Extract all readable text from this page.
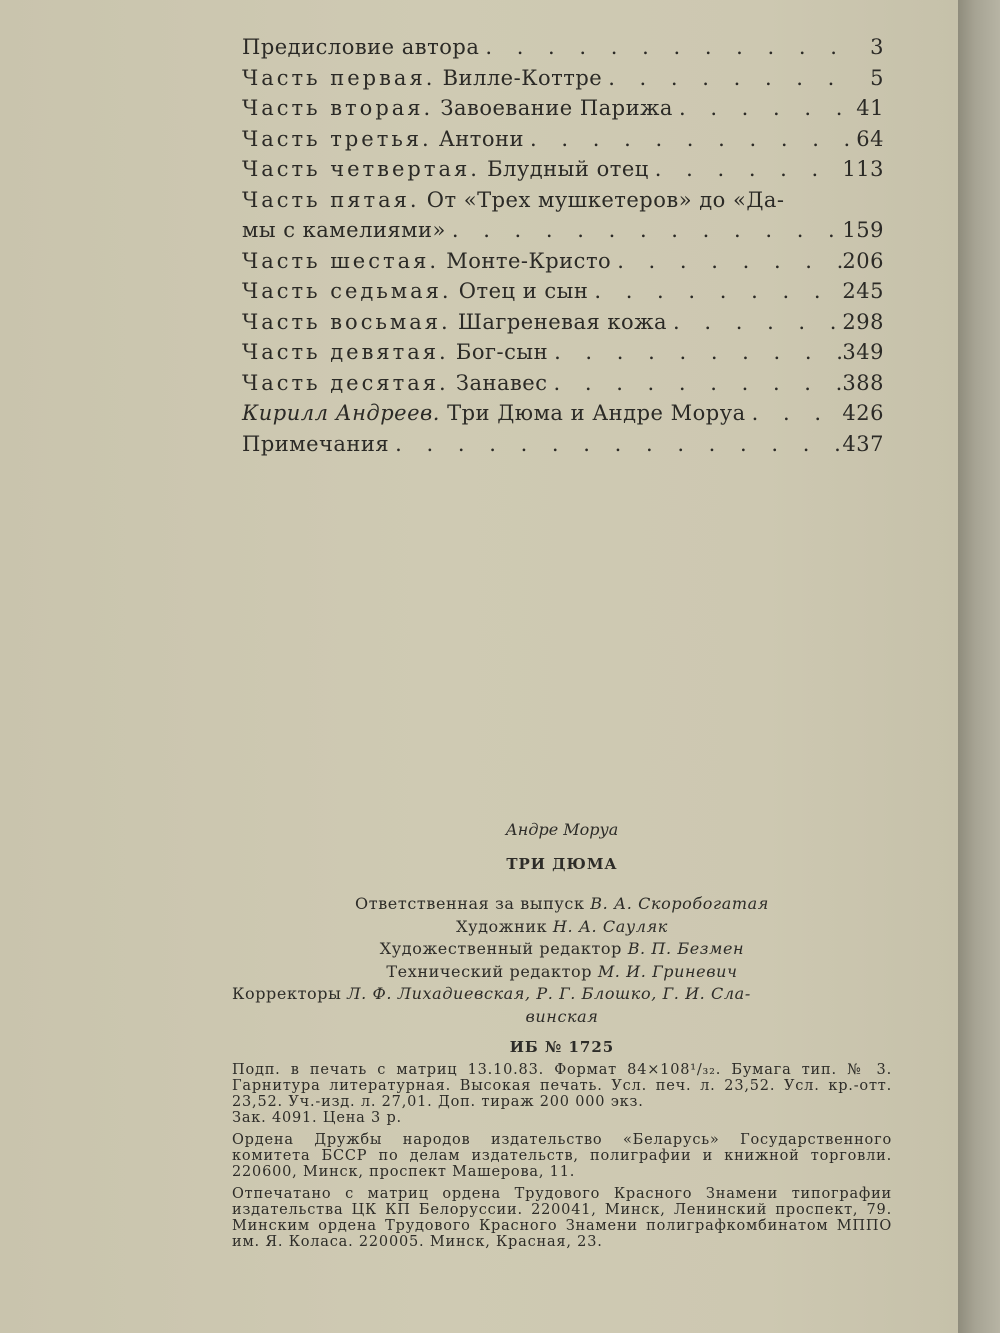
Предисловие автора . . .	3
Часть первая. Вилле-Коттре . . .	5
Часть вторая. Завоевание Парижа . . .	41
Часть третья. Антони . . .	64
Часть четвертая. Блудный отец . . .	113
Часть пятая. От «Трех мушкетеров» до «Да-
мы с камелиями» . . .	159
Часть шестая. Монте-Кристо . . .	206
Часть седьмая. Отец и сын . . .	245
Часть восьмая. Шагреневая кожа . . .	298
Часть девятая. Бог-сын . . .	349
Часть десятая. Занавес . . .	388
Кирилл Андреев. Три Дюма и Андре Моруа . . .	426
Примечания . . .	437
Андре Моруа
ТРИ ДЮМА
Ответственная за выпуск В. А. Скоробогатая
Художник Н. А. Сауляк
Художественный редактор В. П. Безмен
Технический редактор М. И. Гриневич
Корректоры Л. Ф. Лихадиевская, Р. Г. Блошко, Г. И. Сла-
винская
ИБ № 1725
Подп. в печать с матриц 13.10.83. Формат 84×108¹/₃₂. Бумага тип. № 3. Гарнитура литературная. Высокая печать. Усл. печ. л. 23,52. Усл. кр.-отт. 23,52. Уч.-изд. л. 27,01. Доп. тираж 200 000 экз.
Зак. 4091. Цена 3 р.
Ордена Дружбы народов издательство «Беларусь» Государственного комитета БССР по делам издательств, полиграфии и книжной торговли. 220600, Минск, проспект Машерова, 11.
Отпечатано с матриц ордена Трудового Красного Знамени типографии издательства ЦК КП Белоруссии. 220041, Минск, Ленинский проспект, 79. Минским ордена Трудового Красного Знамени полиграфкомбинатом МППО им. Я. Коласа. 220005. Минск, Красная, 23.
